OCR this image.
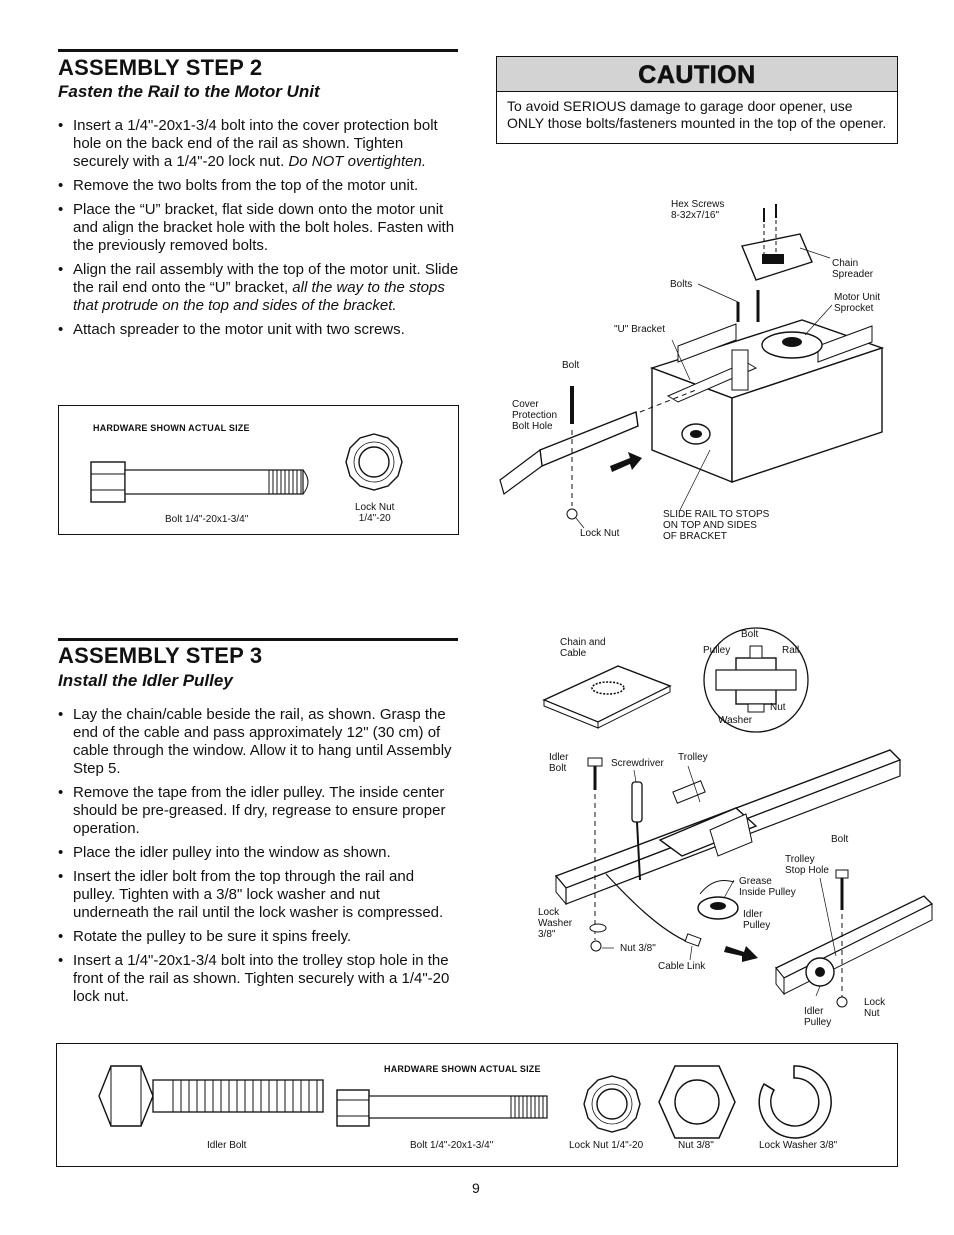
ASSEMBLY STEP 2
Fasten the Rail to the Motor Unit
• Insert a 1/4"-20x1-3/4 bolt into the cover protection bolt hole on the back end of the rail as shown. Tighten securely with a 1/4"-20 lock nut. Do NOT overtighten.
• Remove the two bolts from the top of the motor unit.
• Place the “U” bracket, flat side down onto the motor unit and align the bracket hole with the bolt holes. Fasten with the previously removed bolts.
• Align the rail assembly with the top of the motor unit. Slide the rail end onto the “U” bracket, all the way to the stops that protrude on the top and sides of the bracket.
• Attach spreader to the motor unit with two screws.
HARDWARE SHOWN ACTUAL SIZE
Bolt 1/4"-20x1-3/4"
Lock Nut
1/4"-20
CAUTION
To avoid SERIOUS damage to garage door opener, use ONLY those bolts/fasteners mounted in the top of the opener.
Hex Screws
8-32x7/16"
Chain
Spreader
Bolts
Motor Unit
Sprocket
"U" Bracket
Bolt
Cover
Protection
Bolt Hole
Lock Nut
SLIDE RAIL TO STOPS
ON TOP AND SIDES
OF BRACKET
ASSEMBLY STEP 3
Install the Idler Pulley
• Lay the chain/cable beside the rail, as shown. Grasp the end of the cable and pass approximately 12" (30 cm) of cable through the window. Allow it to hang until Assembly Step 5.
• Remove the tape from the idler pulley. The inside center should be pre-greased. If dry, regrease to ensure proper operation.
• Place the idler pulley into the window as shown.
• Insert the idler bolt from the top through the rail and pulley. Tighten with a 3/8" lock washer and nut underneath the rail until the lock washer is compressed.
• Rotate the pulley to be sure it spins freely.
• Insert a 1/4"-20x1-3/4 bolt into the trolley stop hole in the front of the rail as shown. Tighten securely with a 1/4"-20 lock nut.
Chain and
Cable
Bolt
Pulley	Rail
Nut
Washer
Idler
Bolt	Screwdriver
Trolley
Bolt
Trolley
Stop Hole
Grease
Inside Pulley
Idler
Pulley
Lock
Washer
3/8"
Nut 3/8"
Cable Link
Idler
Pulley
Lock
Nut
HARDWARE SHOWN ACTUAL SIZE
Idler Bolt	Bolt 1/4"-20x1-3/4"	Lock Nut 1/4"-20	Nut 3/8"	Lock Washer 3/8"
9
